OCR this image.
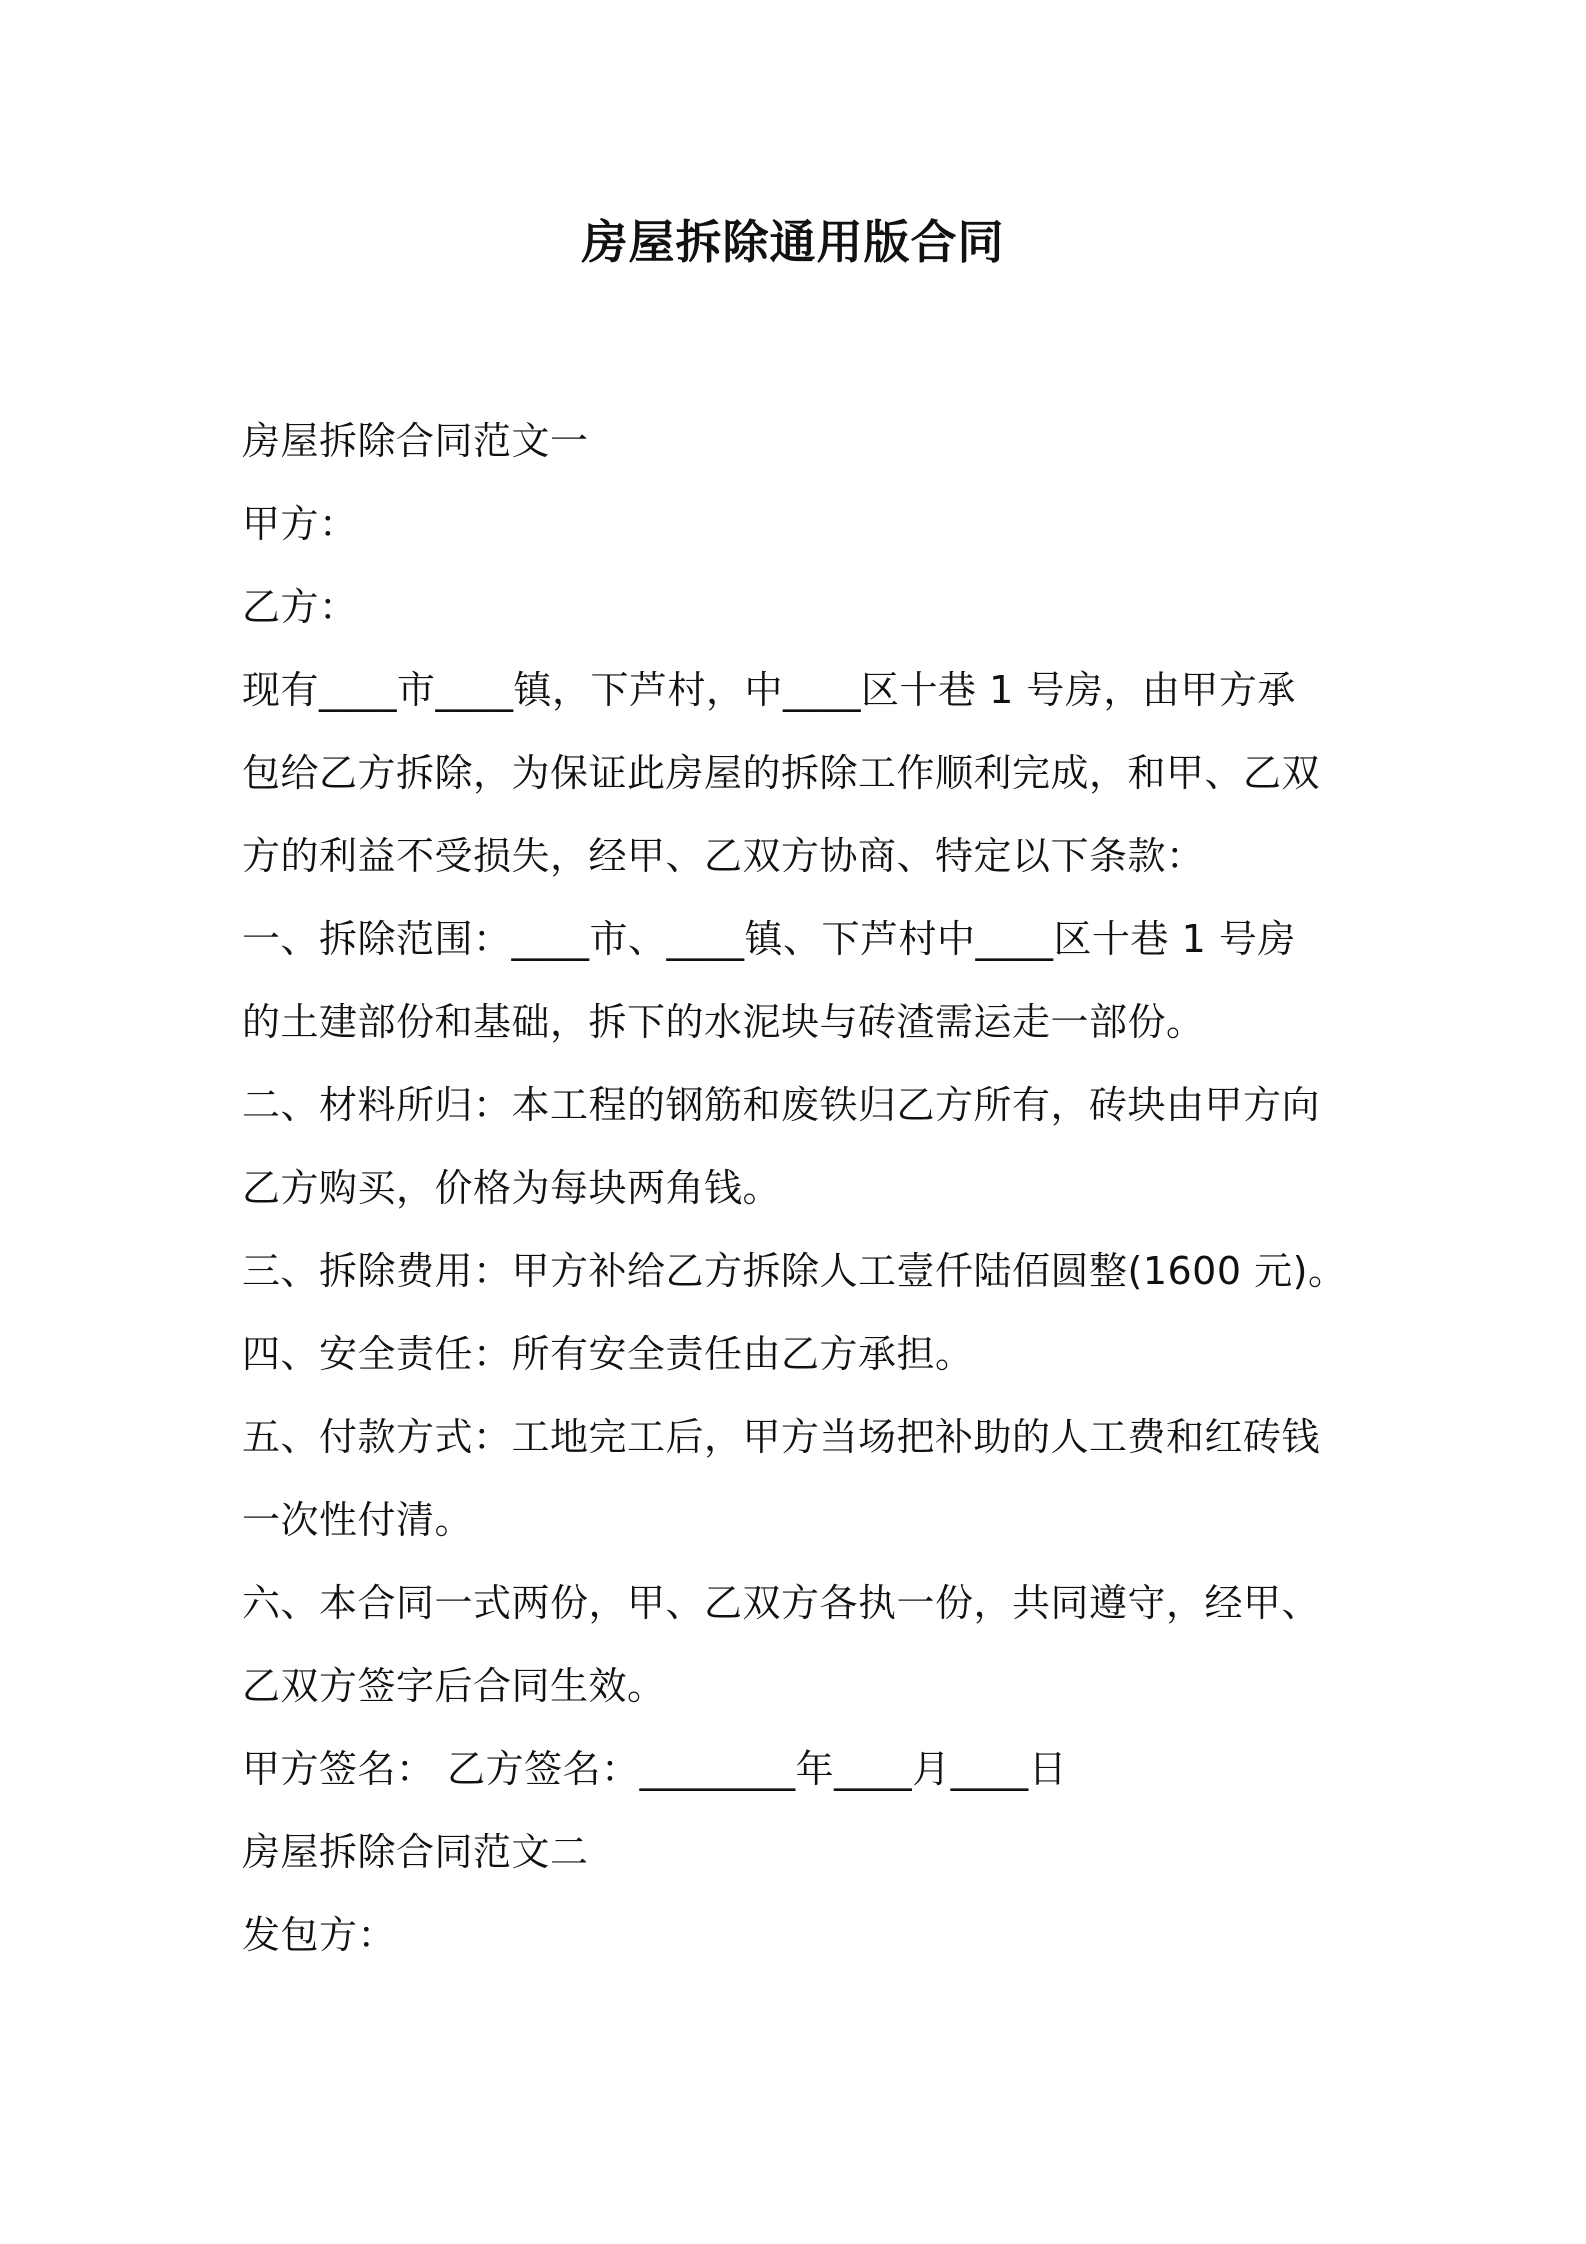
房屋拆除通用版合同
房屋拆除合同范文一
甲方：
乙方：
现有____市____镇，下芦村，中____区十巷 1 号房，由甲方承
包给乙方拆除，为保证此房屋的拆除工作顺利完成，和甲、乙双
方的利益不受损失，经甲、乙双方协商、特定以下条款：
一、拆除范围：____市、____镇、下芦村中____区十巷 1 号房
的土建部份和基础，拆下的水泥块与砖渣需运走一部份。
二、材料所归：本工程的钢筋和废铁归乙方所有，砖块由甲方向
乙方购买，价格为每块两角钱。
三、拆除费用：甲方补给乙方拆除人工壹仟陆佰圆整(1600 元)。
四、安全责任：所有安全责任由乙方承担。
五、付款方式：工地完工后，甲方当场把补助的人工费和红砖钱
一次性付清。
六、本合同一式两份，甲、乙双方各执一份，共同遵守，经甲、
乙双方签字后合同生效。
甲方签名： 乙方签名：________年____月____日
房屋拆除合同范文二
发包方：
